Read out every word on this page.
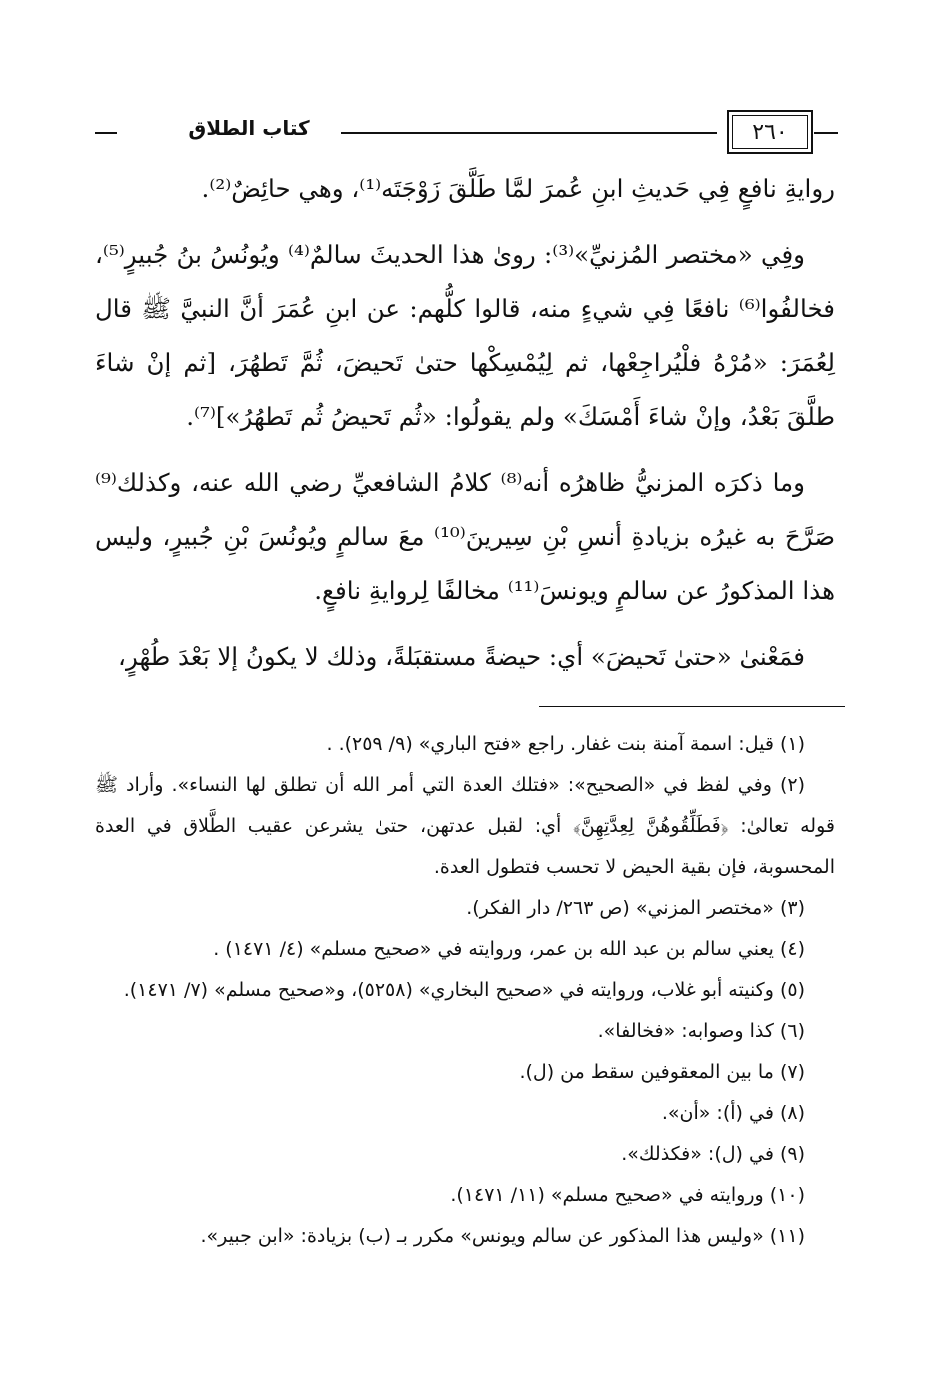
٢٦٠
كتاب الطلاق

روايةِ نافعٍ فِي حَديثِ ابنِ عُمرَ لمَّا طَلَّقَ زَوْجَتَه⁽¹⁾، وهي حائِضٌ⁽²⁾.

وفِي «مختصر المُزنيِّ»⁽³⁾: روىٰ هذا الحديثَ سالمٌ⁽⁴⁾ ويُونُسُ بنُ جُبيرٍ⁽⁵⁾، فخالفُوا⁽⁶⁾ نافعًا فِي شيءٍ منه، قالوا كلُّهم: عن ابنِ عُمَرَ أنَّ النبيَّ ﷺ قال لِعُمَرَ: «مُرْهُ فلْيُراجِعْها، ثم لِيُمْسِكْها حتىٰ تَحيضَ، ثُمَّ تَطهُرَ، [ثم إنْ شاءَ طلَّقَ بَعْدُ، وإنْ شاءَ أَمْسَكَ» ولم يقولُوا: «ثُم تَحيضُ ثُم تَطهُرُ»]⁽⁷⁾.

وما ذكرَه المزنيُّ ظاهرُه أنه⁽⁸⁾ كلامُ الشافعيِّ رضي الله عنه، وكذلك⁽⁹⁾ صَرَّحَ به غيرُه بزيادةِ أنسِ بْنِ سِيرينَ⁽¹⁰⁾ معَ سالمٍ ويُونُسَ بْنِ جُبيرٍ، وليس هذا المذكورُ عن سالمٍ ويونسَ⁽¹¹⁾ مخالفًا لِروايةِ نافعٍ.

فمَعْنىٰ «حتىٰ تَحيضَ» أي: حيضةً مستقبَلةً، وذلك لا يكونُ إلا بَعْدَ طُهْرٍ،

(١) قيل: اسمة آمنة بنت غفار. راجع «فتح الباري» (٩/ ٢٥٩). .

(٢) وفي لفظ في «الصحيح»: «فتلك العدة التي أمر الله أن تطلق لها النساء». وأراد ﷺ قوله تعالىٰ: ﴿فَطَلِّقُوهُنَّ لِعِدَّتِهِنَّ﴾ أي: لقبل عدتهن، حتىٰ يشرعن عقيب الطَّلاق في العدة المحسوبة، فإن بقية الحيض لا تحسب فتطول العدة.

(٣) «مختصر المزني» (ص ٢٦٣/ دار الفكر).

(٤) يعني سالم بن عبد الله بن عمر، وروايته في «صحيح مسلم» (٤/ ١٤٧١) .

(٥) وكنيته أبو غلاب، وروايته في «صحيح البخاري» (٥٢٥٨)، و«صحيح مسلم» (٧/ ١٤٧١).

(٦) كذا وصوابه: «فخالفا».

(٧) ما بين المعقوفين سقط من (ل).

(٨) في (أ): «أن».

(٩) في (ل): «فكذلك».

(١٠) وروايته في «صحيح مسلم» (١١/ ١٤٧١).

(١١) «وليس هذا المذكور عن سالم ويونس» مكرر بـ (ب) بزيادة: «ابن جبير».
